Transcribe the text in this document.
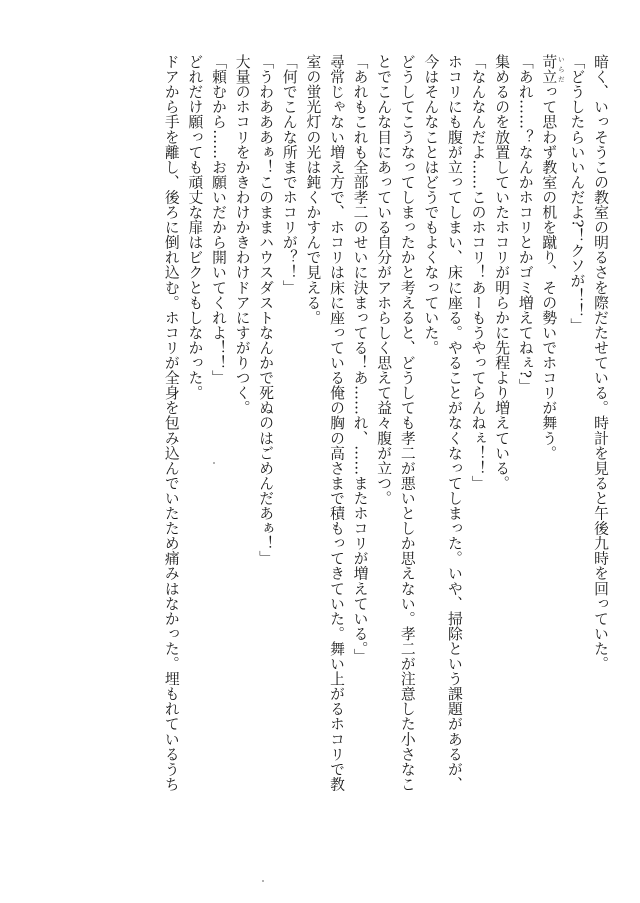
暗く、いっそうこの教室の明るさを際だたせている。時計を見ると午後九時を回っていた。
「どうしたらいいんだよ?！クソが！！」
苛立 いらだって思わず教室の机を蹴り、その勢いでホコリが舞う。
「あれ……？なんかホコリとかゴミ増えてねぇ?」
集めるのを放置していたホコリが明らかに先程より増えている。
「なんなんだよ……このホコリ！あーもうやってらんねぇ！！」
ホコリにも腹が立ってしまい、床に座る。やることがなくなってしまった。いや、掃除という課題があるが、
今はそんなことはどうでもよくなっていた。
どうしてこうなってしまったかと考えると、どうしても孝二が悪いとしか思えない。孝二が注意した小さなこ
とでこんな目にあっている自分がアホらしく思えて益々腹が立つ。
「あれもこれも全部孝二のせいに決まってる！あ……れ、……またホコリが増えている。」
尋常じゃない増え方で、ホコリは床に座っている俺の胸の高さまで積もってきていた。舞い上がるホコリで教
室の蛍光灯の光は鈍くかすんで見える。
「何でこんな所までホコリが？！」
「うわあああぁ！このままハウスダストなんかで死ぬのはごめんだあぁ！」
大量のホコリをかきわけかきわけドアにすがりつく。
「頼むから……お願いだから開いてくれよ！！」
どれだけ願っても頑丈な扉はビクともしなかった。
ドアから手を離し、後ろに倒れ込む。ホコリが全身を包み込んでいたため痛みはなかった。埋もれているうち
